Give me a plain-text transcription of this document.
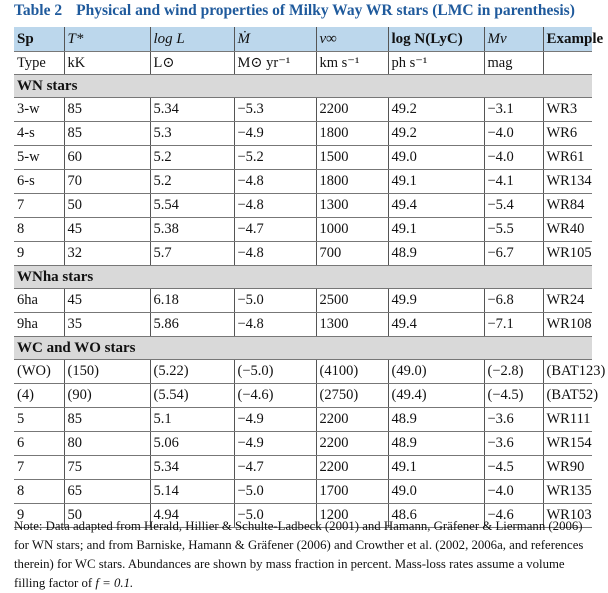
Table 2 Physical and wind properties of Milky Way WR stars (LMC in parenthesis)
Sp	T*	log L	Ṁ	v∞	log N(LyC)	Mv	Example
Type	kK	L⊙	M⊙ yr⁻¹	km s⁻¹	ph s⁻¹	mag	
WN stars							
3-w	85	5.34	−5.3	2200	49.2	−3.1	WR3
4-s	85	5.3	−4.9	1800	49.2	−4.0	WR6
5-w	60	5.2	−5.2	1500	49.0	−4.0	WR61
6-s	70	5.2	−4.8	1800	49.1	−4.1	WR134
7	50	5.54	−4.8	1300	49.4	−5.4	WR84
8	45	5.38	−4.7	1000	49.1	−5.5	WR40
9	32	5.7	−4.8	700	48.9	−6.7	WR105
WNha stars							
6ha	45	6.18	−5.0	2500	49.9	−6.8	WR24
9ha	35	5.86	−4.8	1300	49.4	−7.1	WR108
WC and WO stars							
(WO)	(150)	(5.22)	(−5.0)	(4100)	(49.0)	(−2.8)	(BAT123)
(4)	(90)	(5.54)	(−4.6)	(2750)	(49.4)	(−4.5)	(BAT52)
5	85	5.1	−4.9	2200	48.9	−3.6	WR111
6	80	5.06	−4.9	2200	48.9	−3.6	WR154
7	75	5.34	−4.7	2200	49.1	−4.5	WR90
8	65	5.14	−5.0	1700	49.0	−4.0	WR135
9	50	4.94	−5.0	1200	48.6	−4.6	WR103
Note: Data adapted from Herald, Hillier & Schulte-Ladbeck (2001) and Hamann, Gräfener & Liermann (2006) for WN stars; and from Barniske, Hamann & Gräfener (2006) and Crowther et al. (2002, 2006a, and references therein) for WC stars. Abundances are shown by mass fraction in percent. Mass-loss rates assume a volume filling factor of f = 0.1.
